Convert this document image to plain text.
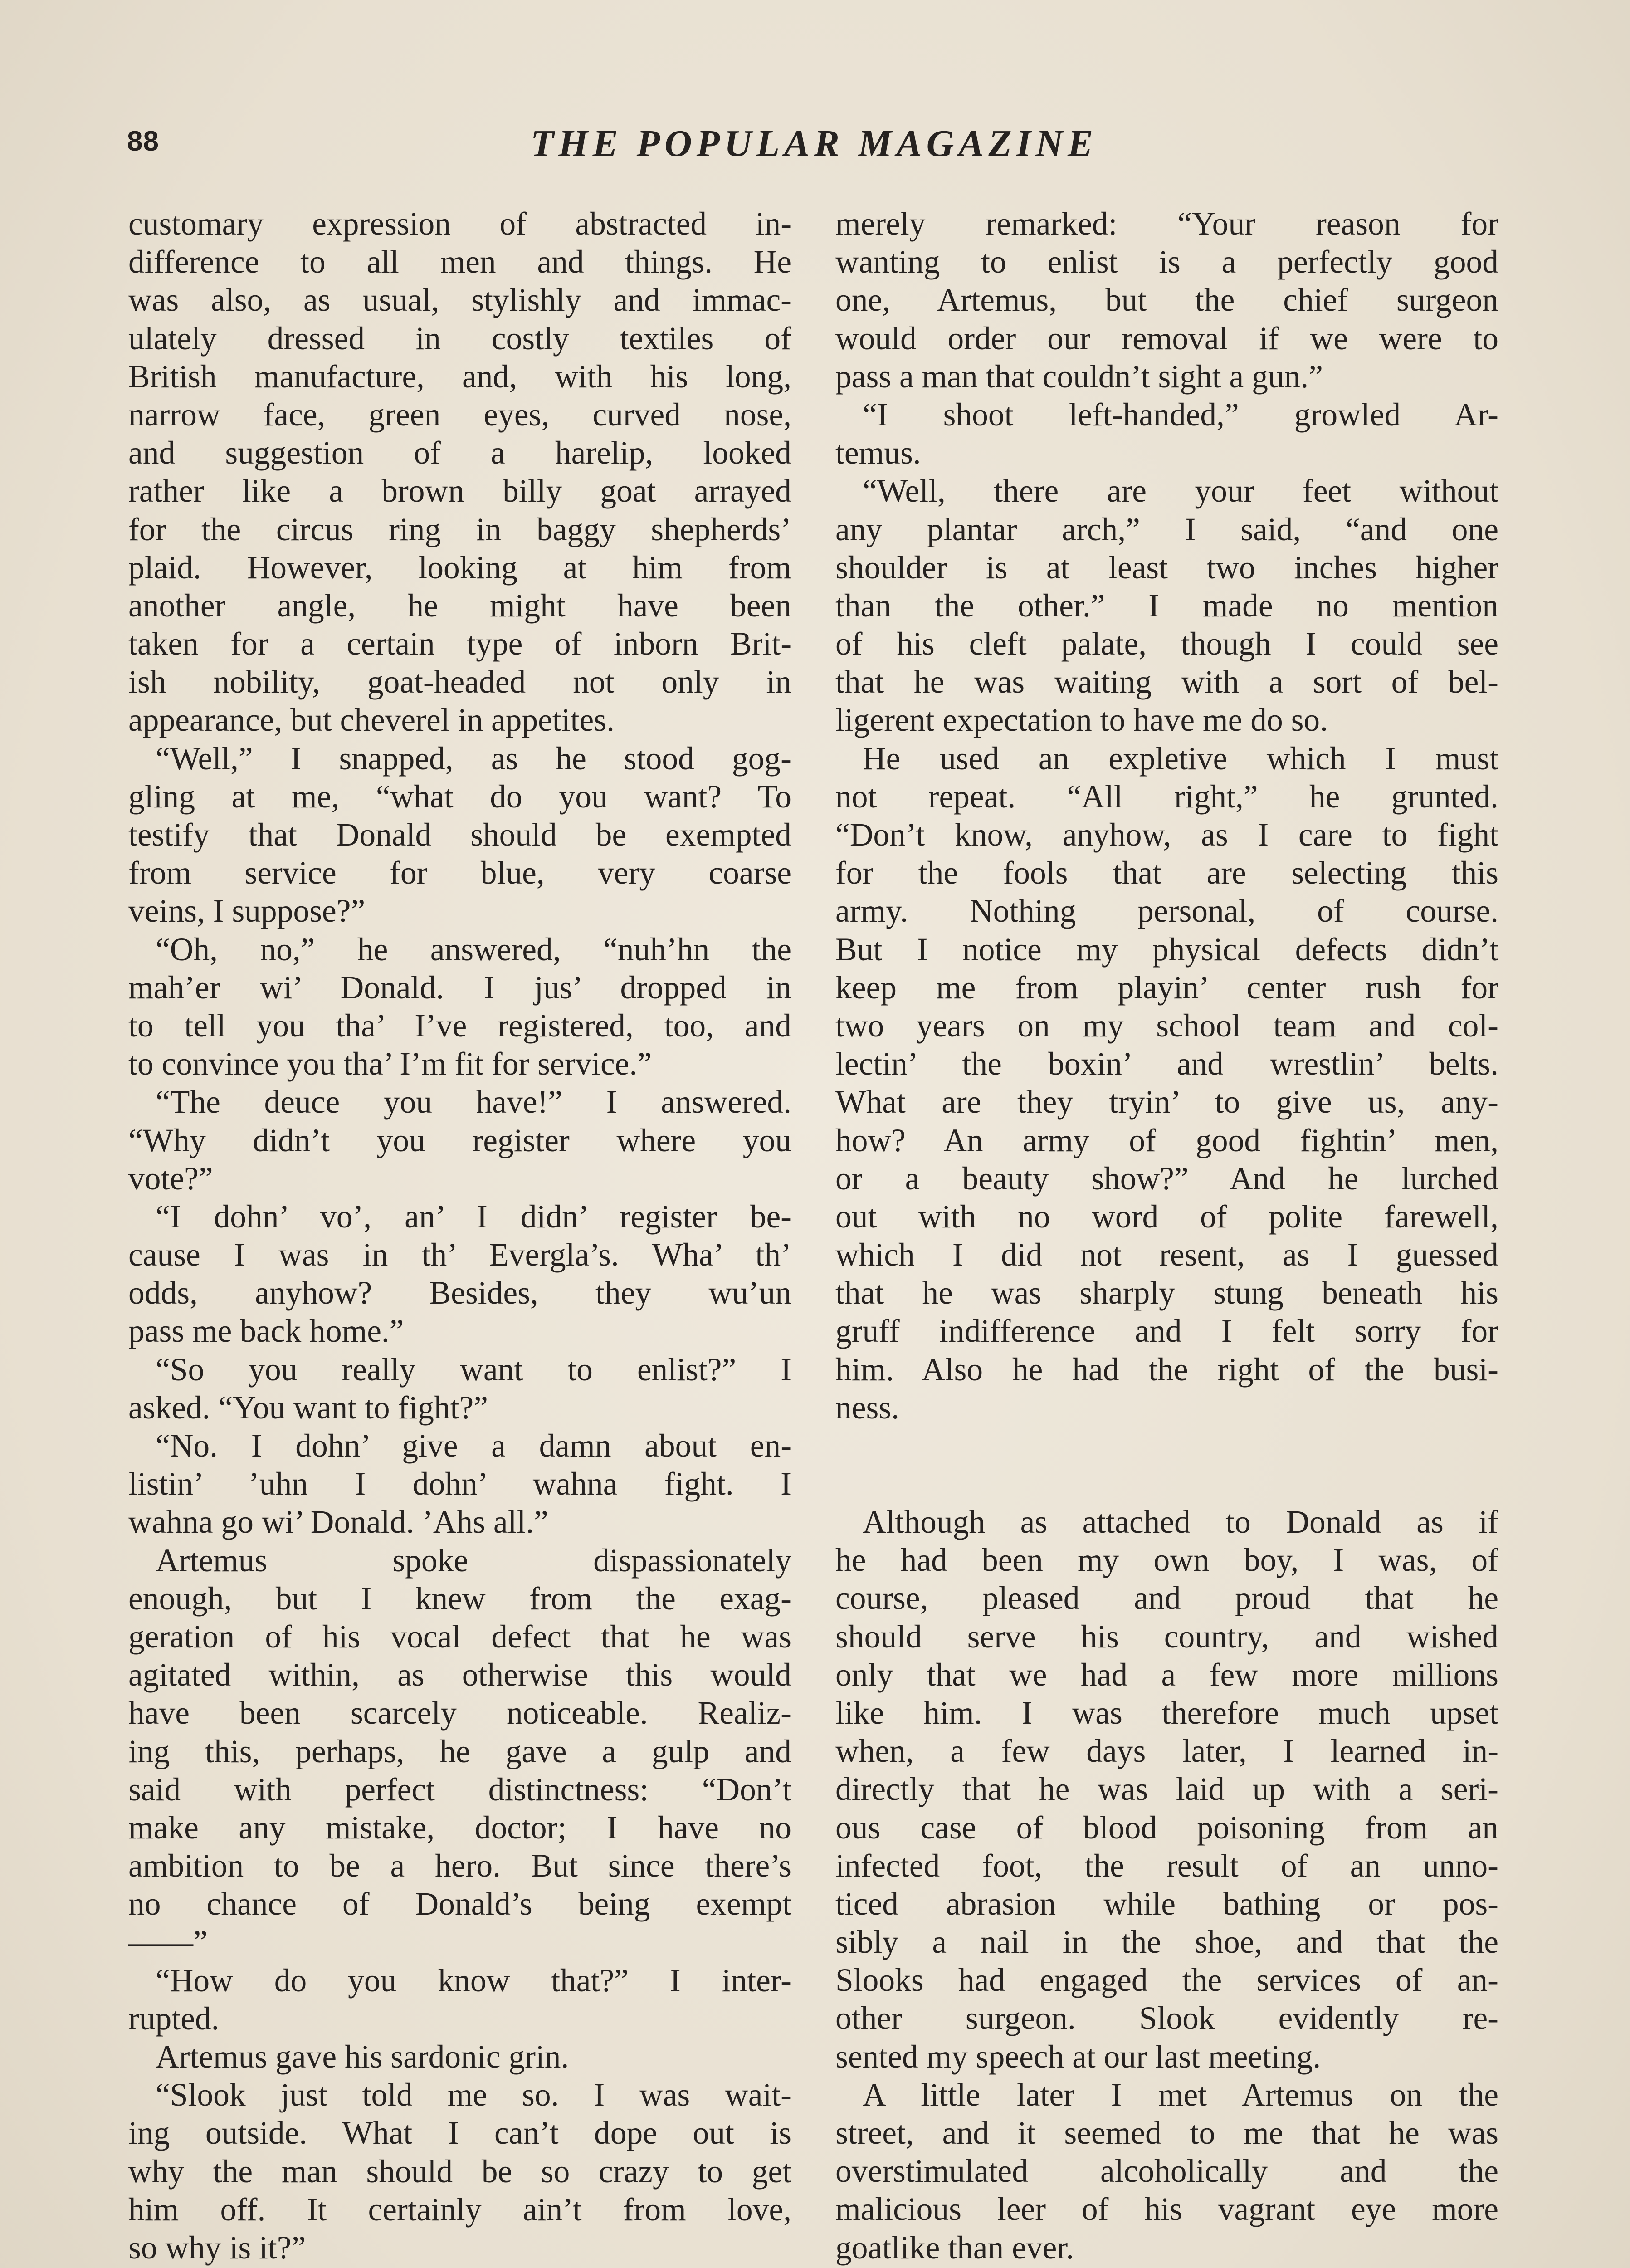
88	THE POPULAR MAGAZINE
customary expression of abstracted in-
difference to all men and things. He
was also, as usual, stylishly and immac-
ulately dressed in costly textiles of
British manufacture, and, with his long,
narrow face, green eyes, curved nose,
and suggestion of a harelip, looked
rather like a brown billy goat arrayed
for the circus ring in baggy shepherds’
plaid. However, looking at him from
another angle, he might have been
taken for a certain type of inborn Brit-
ish nobility, goat-headed not only in
appearance, but cheverel in appetites.
“Well,” I snapped, as he stood gog-
gling at me, “what do you want? To
testify that Donald should be exempted
from service for blue, very coarse
veins, I suppose?”
“Oh, no,” he answered, “nuh’hn the
mah’er wi’ Donald. I jus’ dropped in
to tell you tha’ I’ve registered, too, and
to convince you tha’ I’m fit for service.”
“The deuce you have!” I answered.
“Why didn’t you register where you
vote?”
“I dohn’ vo’, an’ I didn’ register be-
cause I was in th’ Evergla’s. Wha’ th’
odds, anyhow? Besides, they wu’un
pass me back home.”
“So you really want to enlist?” I
asked. “You want to fight?”
“No. I dohn’ give a damn about en-
listin’ ’uhn I dohn’ wahna fight. I
wahna go wi’ Donald. ’Ahs all.”
Artemus spoke dispassionately
enough, but I knew from the exag-
geration of his vocal defect that he was
agitated within, as otherwise this would
have been scarcely noticeable. Realiz-
ing this, perhaps, he gave a gulp and
said with perfect distinctness: “Don’t
make any mistake, doctor; I have no
ambition to be a hero. But since there’s
no chance of Donald’s being exempt
——”
“How do you know that?” I inter-
rupted.
Artemus gave his sardonic grin.
“Slook just told me so. I was wait-
ing outside. What I can’t dope out is
why the man should be so crazy to get
him off. It certainly ain’t from love,
so why is it?”
merely remarked: “Your reason for
wanting to enlist is a perfectly good
one, Artemus, but the chief surgeon
would order our removal if we were to
pass a man that couldn’t sight a gun.”
“I shoot left-handed,” growled Ar-
temus.
“Well, there are your feet without
any plantar arch,” I said, “and one
shoulder is at least two inches higher
than the other.” I made no mention
of his cleft palate, though I could see
that he was waiting with a sort of bel-
ligerent expectation to have me do so.
He used an expletive which I must
not repeat. “All right,” he grunted.
“Don’t know, anyhow, as I care to fight
for the fools that are selecting this
army. Nothing personal, of course.
But I notice my physical defects didn’t
keep me from playin’ center rush for
two years on my school team and col-
lectin’ the boxin’ and wrestlin’ belts.
What are they tryin’ to give us, any-
how? An army of good fightin’ men,
or a beauty show?” And he lurched
out with no word of polite farewell,
which I did not resent, as I guessed
that he was sharply stung beneath his
gruff indifference and I felt sorry for
him. Also he had the right of the busi-
ness.
Although as attached to Donald as if
he had been my own boy, I was, of
course, pleased and proud that he
should serve his country, and wished
only that we had a few more millions
like him. I was therefore much upset
when, a few days later, I learned in-
directly that he was laid up with a seri-
ous case of blood poisoning from an
infected foot, the result of an unno-
ticed abrasion while bathing or pos-
sibly a nail in the shoe, and that the
Slooks had engaged the services of an-
other surgeon. Slook evidently re-
sented my speech at our last meeting.
A little later I met Artemus on the
street, and it seemed to me that he was
overstimulated alcoholically and the
malicious leer of his vagrant eye more
goatlike than ever.
